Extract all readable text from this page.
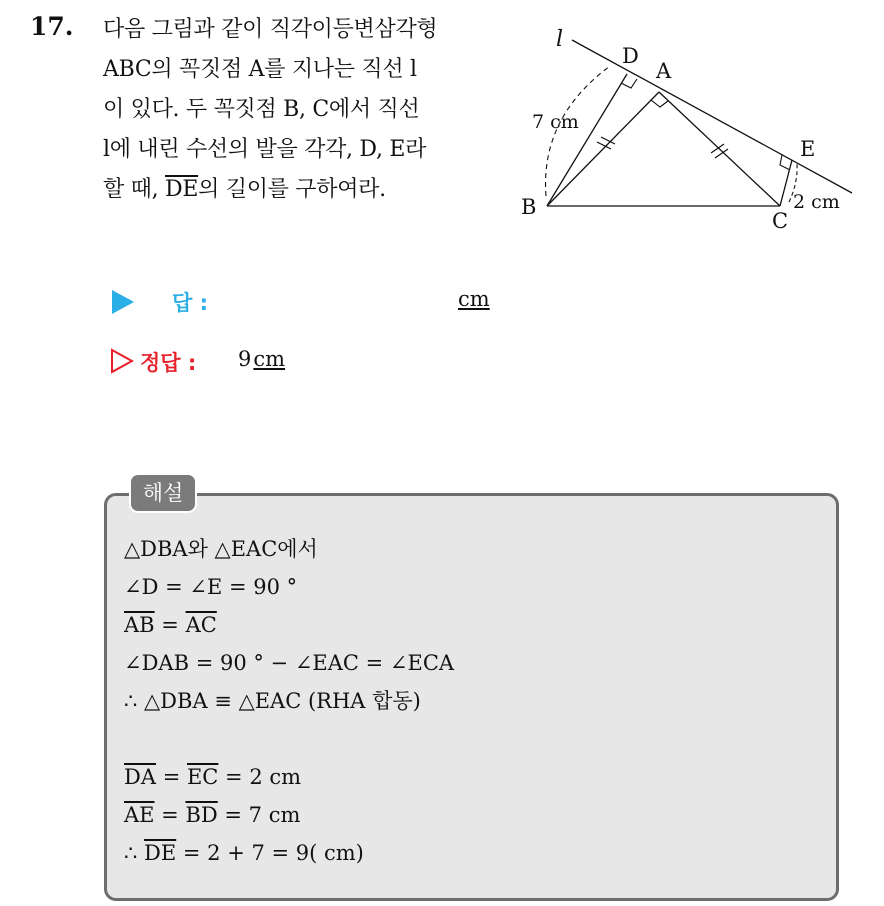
17. 다음 그림과 같이 직각이등변삼각형
ABC의 꼭짓점 A를 지나는 직선 l
이 있다. 두 꼭짓점 B, C에서 직선
l에 내린 수선의 발을 각각, D, E라
할 때, $\overline{DE}$의 길이를 구하여라.
l
D
A
E
B
C
7 cm
2 cm
답 :	cm
정답 : 9cm
해설
△DBA와 △EAC에서
∠D = ∠E = 90 °
$\overline{AB} = \overline{AC}$
∠DAB = 90 ° − ∠EAC = ∠ECA
∴ △DBA ≡ △EAC (RHA 합동)
$\overline{DA} = \overline{EC} = 2$ cm
$\overline{AE} = \overline{BD} = 7$ cm
∴ $\overline{DE} = 2 + 7 = 9$( cm)
